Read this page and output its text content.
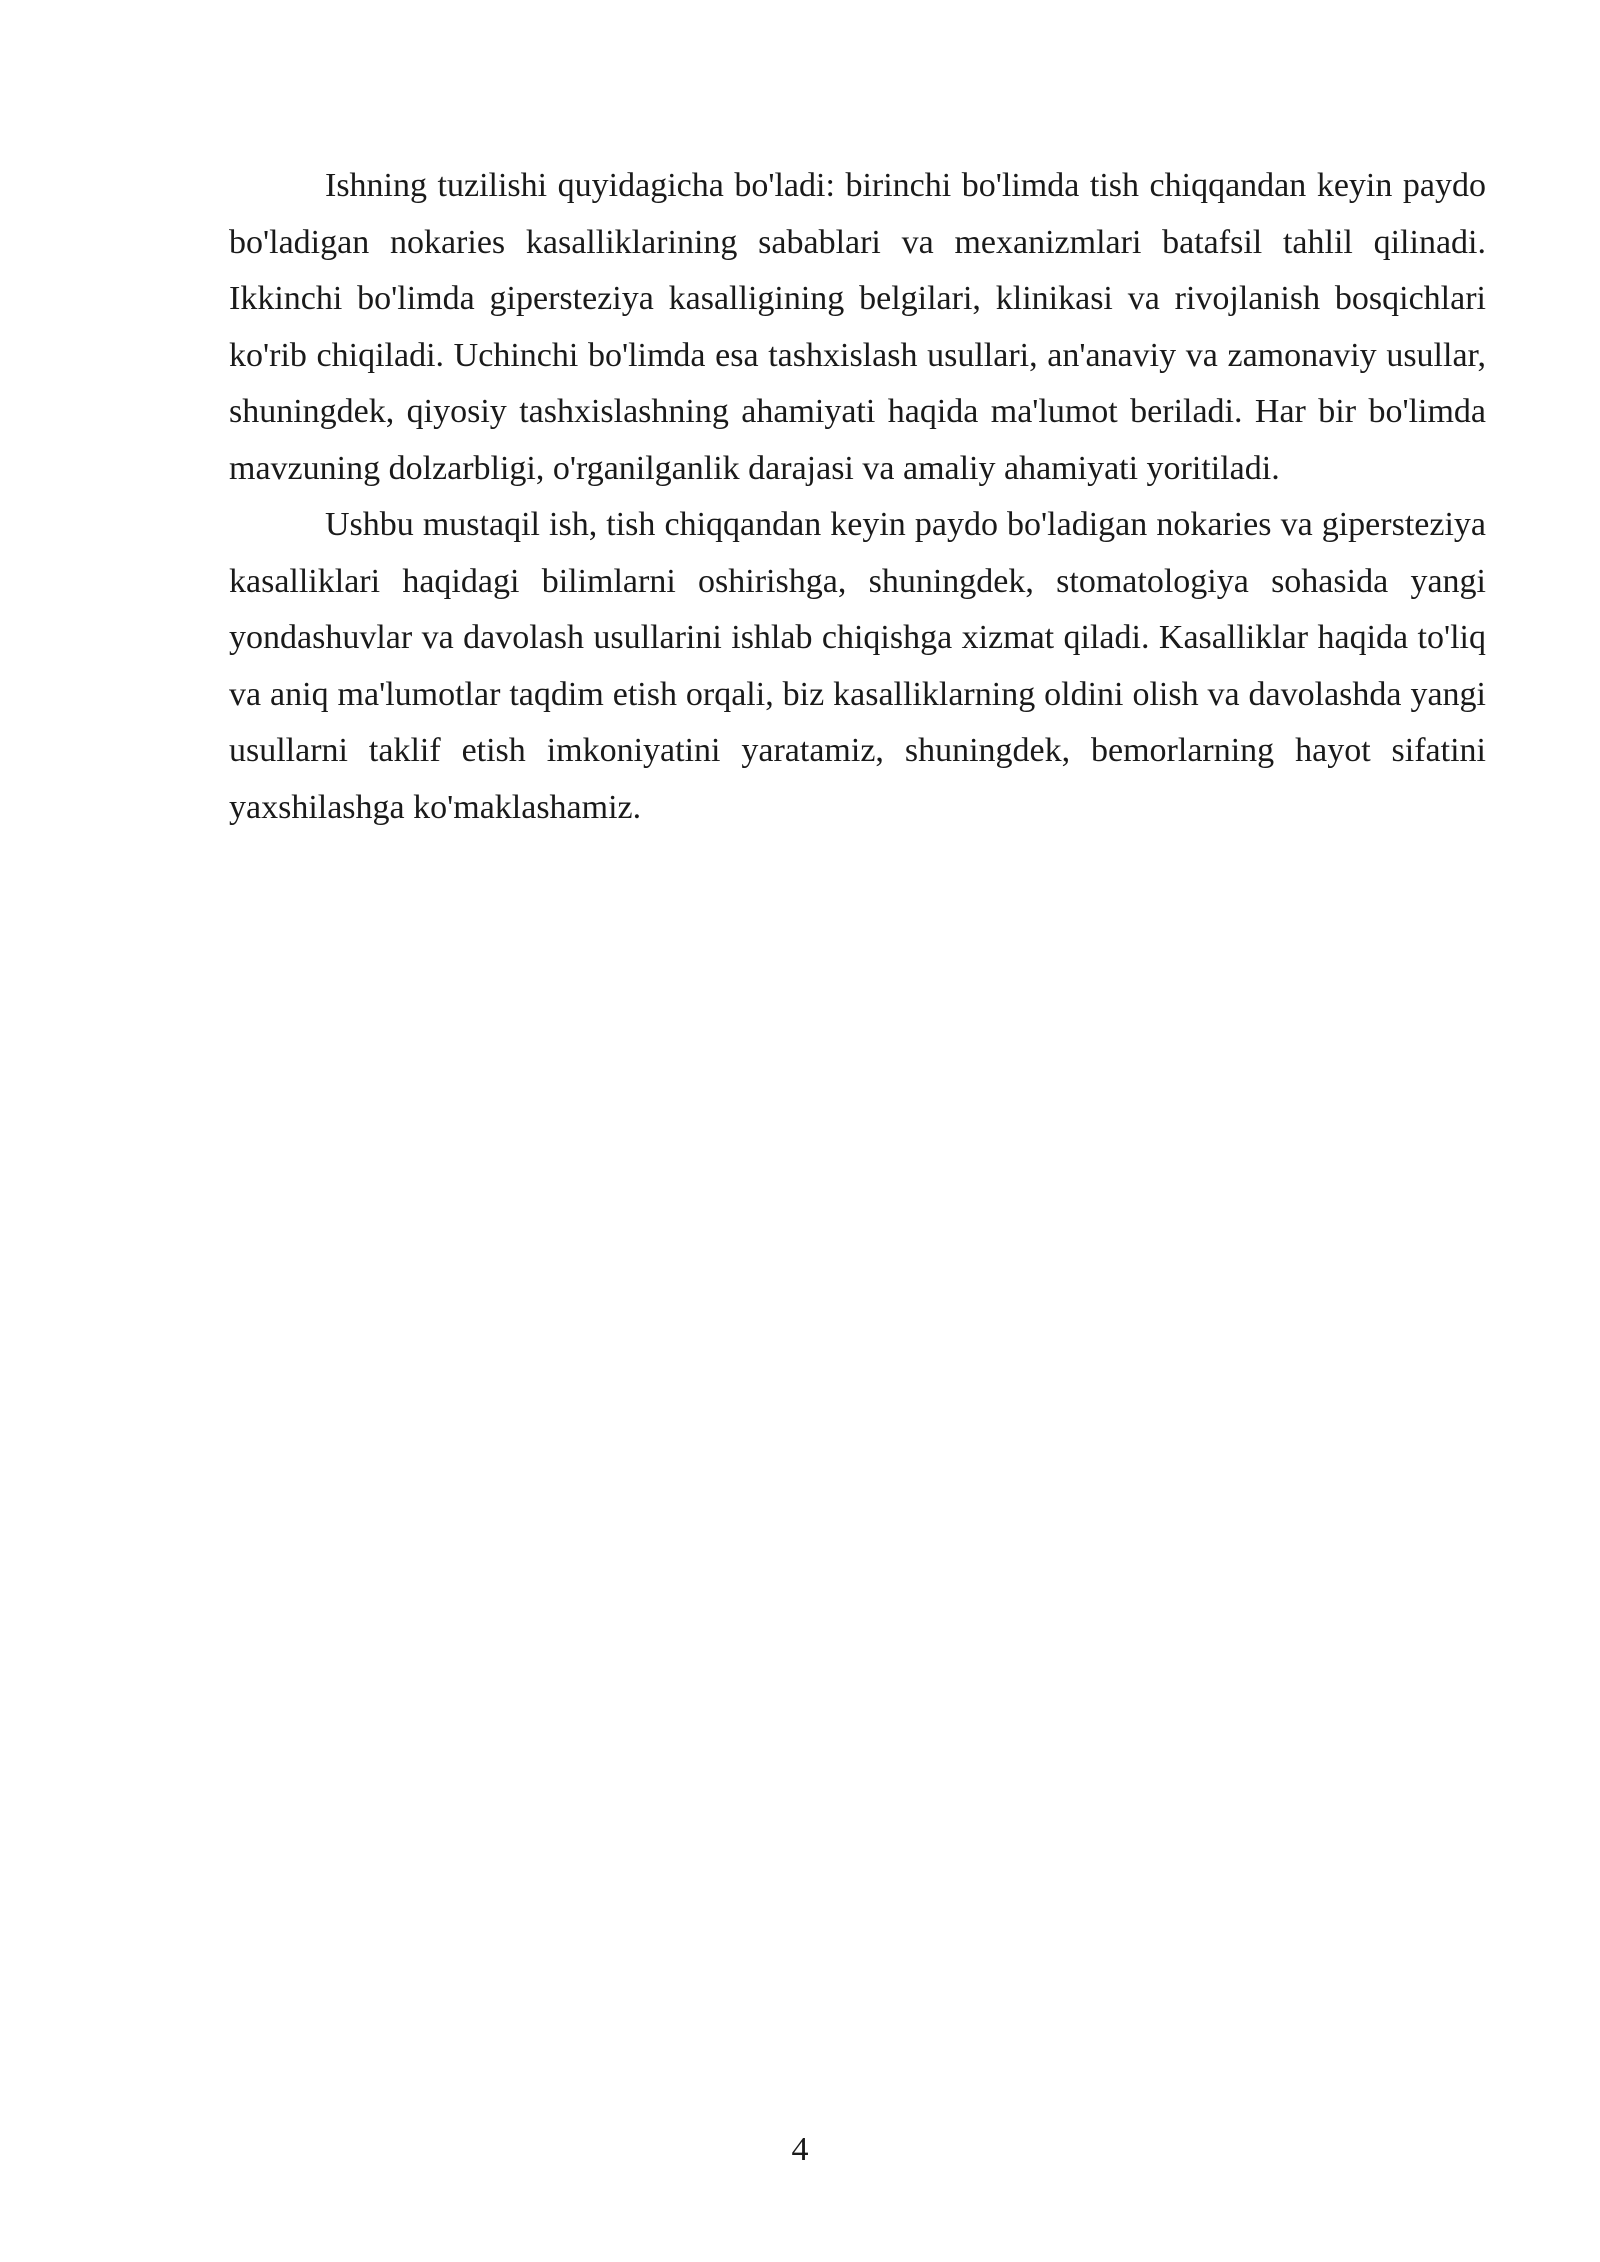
Ishning tuzilishi quyidagicha bo'ladi: birinchi bo'limda tish chiqqandan keyin paydo bo'ladigan nokaries kasalliklarining sabablari va mexanizmlari batafsil tahlil qilinadi. Ikkinchi bo'limda gipersteziya kasalligining belgilari, klinikasi va rivojlanish bosqichlari ko'rib chiqiladi. Uchinchi bo'limda esa tashxislash usullari, an'anaviy va zamonaviy usullar, shuningdek, qiyosiy tashxislashning ahamiyati haqida ma'lumot beriladi. Har bir bo'limda mavzuning dolzarbligi, o'rganilganlik darajasi va amaliy ahamiyati yoritiladi.

Ushbu mustaqil ish, tish chiqqandan keyin paydo bo'ladigan nokaries va gipersteziya kasalliklari haqidagi bilimlarni oshirishga, shuningdek, stomatologiya sohasida yangi yondashuvlar va davolash usullarini ishlab chiqishga xizmat qiladi. Kasalliklar haqida to'liq va aniq ma'lumotlar taqdim etish orqali, biz kasalliklarning oldini olish va davolashda yangi usullarni taklif etish imkoniyatini yaratamiz, shuningdek, bemorlarning hayot sifatini yaxshilashga ko'maklashamiz.

4
